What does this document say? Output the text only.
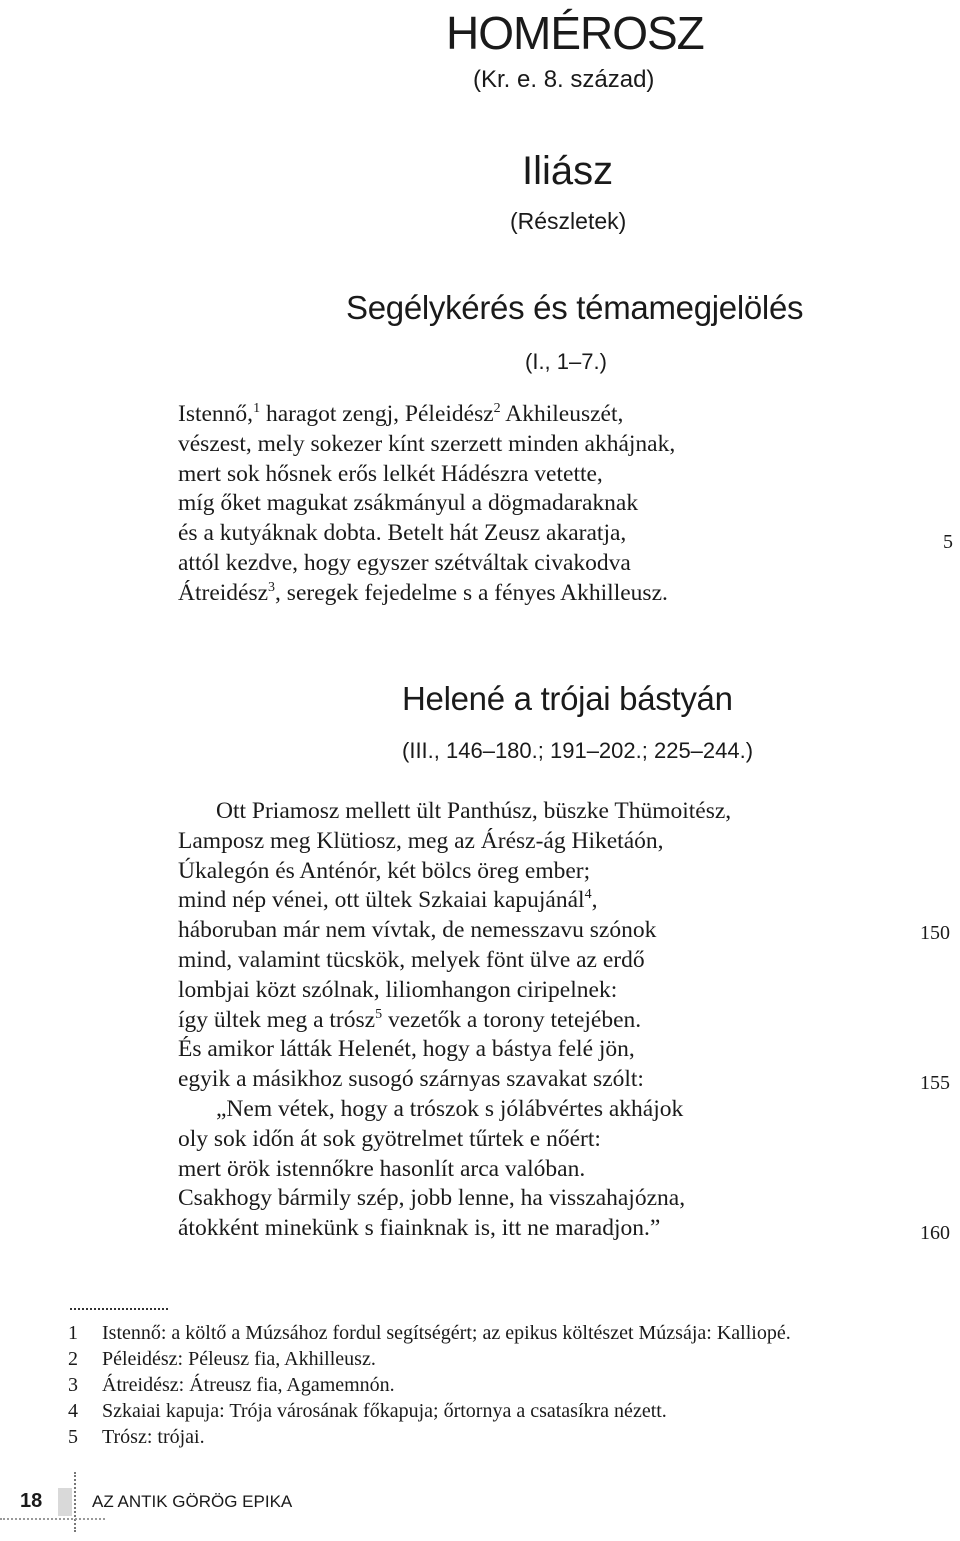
HOMÉROSZ
(Kr. e. 8. század)
Iliász
(Részletek)
Segélykérés és témamegjelölés
(I., 1–7.)
Istennő,$^1$ haragot zengj, Péleidész$^2$ Akhileuszét,
vészest, mely sokezer kínt szerzett minden akhájnak,
mert sok hősnek erős lelkét Hádészra vetette,
míg őket magukat zsákmányul a dögmadaraknak
és a kutyáknak dobta. Betelt hát Zeusz akaratja,
attól kezdve, hogy egyszer szétváltak civakodva
Átreidész$^3$, seregek fejedelme s a fényes Akhilleusz.
5
Helené a trójai bástyán
(III., 146–180.; 191–202.; 225–244.)
Ott Priamosz mellett ült Panthúsz, büszke Thümoitész,
Lamposz meg Klütiosz, meg az Árész-ág Hiketáón,
Úkalegón és Anténór, két bölcs öreg ember;
mind nép vénei, ott ültek Szkaiai kapujánál$^4$,
háboruban már nem vívtak, de nemesszavu szónok
mind, valamint tücskök, melyek fönt ülve az erdő
lombjai közt szólnak, liliomhangon ciripelnek:
így ültek meg a trósz$^5$ vezetők a torony tetejében.
És amikor látták Helenét, hogy a bástya felé jön,
egyik a másikhoz susogó szárnyas szavakat szólt:
„Nem vétek, hogy a trószok s jólábvértes akhájok
oly sok időn át sok gyötrelmet tűrtek e nőért:
mert örök istennőkre hasonlít arca valóban.
Csakhogy bármily szép, jobb lenne, ha visszahajózna,
átokként minekünk s fiainknak is, itt ne maradjon.”
150
155
160
1	Istennő: a költő a Múzsához fordul segítségért; az epikus költészet Múzsája: Kalliopé.
2	Péleidész: Péleusz fia, Akhilleusz.
3	Átreidész: Átreusz fia, Agamemnón.
4	Szkaiai kapuja: Trója városának főkapuja; őrtornya a csatasíkra nézett.
5	Trósz: trójai.
18	AZ ANTIK GÖRÖG EPIKA
